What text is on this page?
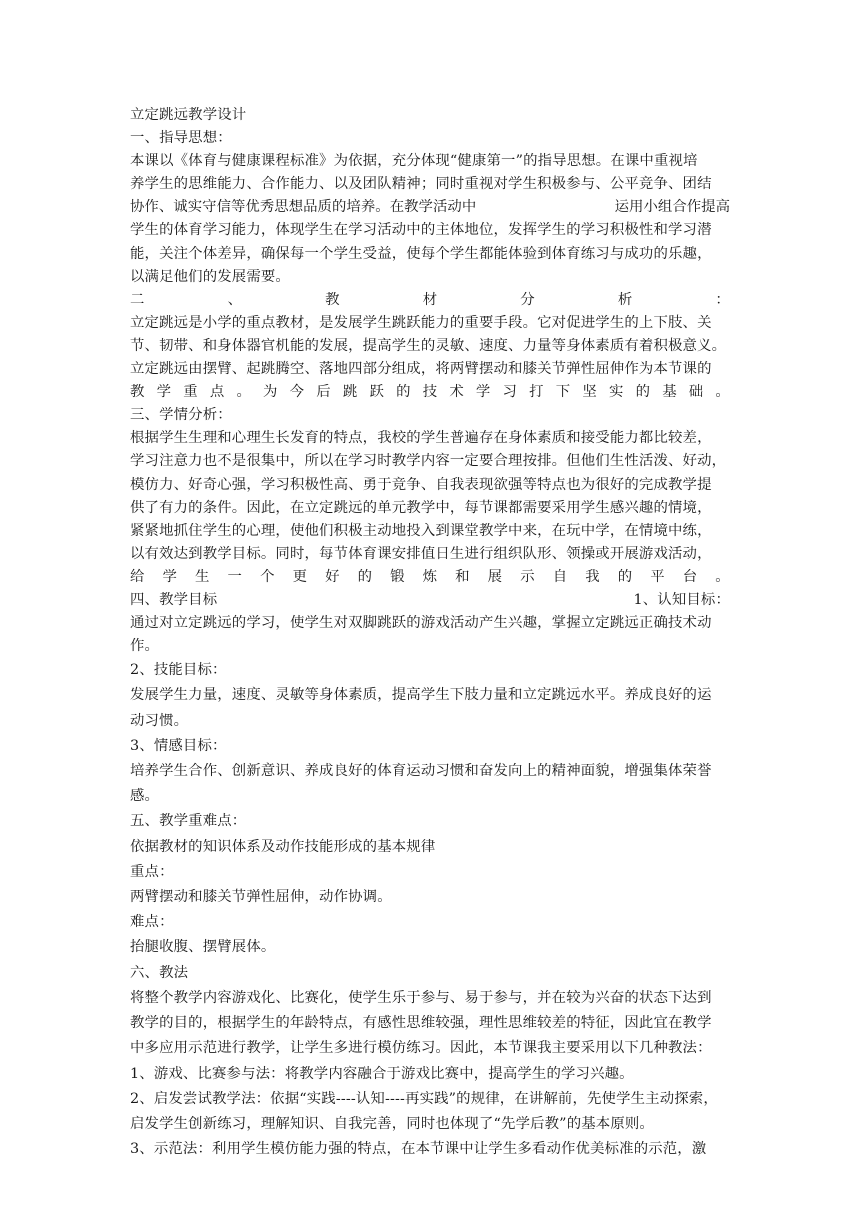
立定跳远教学设计
一、指导思想：
本课以《体育与健康课程标准》为依据，充分体现“健康第一”的指导思想。在课中重视培
养学生的思维能力、合作能力、以及团队精神；同时重视对学生积极参与、公平竞争、团结
协作、诚实守信等优秀思想品质的培养。在教学活动中                              运用小组合作提高
学生的体育学习能力，体现学生在学习活动中的主体地位，发挥学生的学习积极性和学习潜
能，关注个体差异，确保每一个学生受益，使每个学生都能体验到体育练习与成功的乐趣，
以满足他们的发展需要。
二	、	教	材	分	析	：
立定跳远是小学的重点教材，是发展学生跳跃能力的重要手段。它对促进学生的上下肢、关
节、韧带、和身体器官机能的发展，提高学生的灵敏、速度、力量等身体素质有着积极意义。
立定跳远由摆臂、起跳腾空、落地四部分组成，将两臂摆动和膝关节弹性屈伸作为本节课的
教 学 重 点 。 为 今 后 跳 跃 的 技 术 学 习 打 下 坚 实 的 基 础 。
三、学情分析：
根据学生生理和心理生长发育的特点，我校的学生普遍存在身体素质和接受能力都比较差，
学习注意力也不是很集中，所以在学习时教学内容一定要合理按排。但他们生性活泼、好动，
模仿力、好奇心强，学习积极性高、勇于竞争、自我表现欲强等特点也为很好的完成教学提
供了有力的条件。因此，在立定跳远的单元教学中，每节课都需要采用学生感兴趣的情境，
紧紧地抓住学生的心理，使他们积极主动地投入到课堂教学中来，在玩中学，在情境中练，
以有效达到教学目标。同时，每节体育课安排值日生进行组织队形、领操或开展游戏活动，
给 学 生 一 个 更 好 的 锻 炼 和 展 示 自 我 的 平 台 。
四、教学目标	1、认知目标：
通过对立定跳远的学习，使学生对双脚跳跃的游戏活动产生兴趣，掌握立定跳远正确技术动
作。
2、技能目标：
发展学生力量，速度、灵敏等身体素质，提高学生下肢力量和立定跳远水平。养成良好的运
动习惯。
3、情感目标：
培养学生合作、创新意识、养成良好的体育运动习惯和奋发向上的精神面貌，增强集体荣誉
感。
五、教学重难点：
依据教材的知识体系及动作技能形成的基本规律
重点：
两臂摆动和膝关节弹性屈伸，动作协调。
难点：
抬腿收腹、摆臂展体。
六、教法
将整个教学内容游戏化、比赛化，使学生乐于参与、易于参与，并在较为兴奋的状态下达到
教学的目的，根据学生的年龄特点，有感性思维较强，理性思维较差的特征，因此宜在教学
中多应用示范进行教学，让学生多进行模仿练习。因此，本节课我主要采用以下几种教法：
1、游戏、比赛参与法：将教学内容融合于游戏比赛中，提高学生的学习兴趣。
2、启发尝试教学法：依据“实践----认知----再实践”的规律，在讲解前，先使学生主动探索，
启发学生创新练习，理解知识、自我完善，同时也体现了“先学后教”的基本原则。
3、示范法：利用学生模仿能力强的特点，在本节课中让学生多看动作优美标准的示范，激
